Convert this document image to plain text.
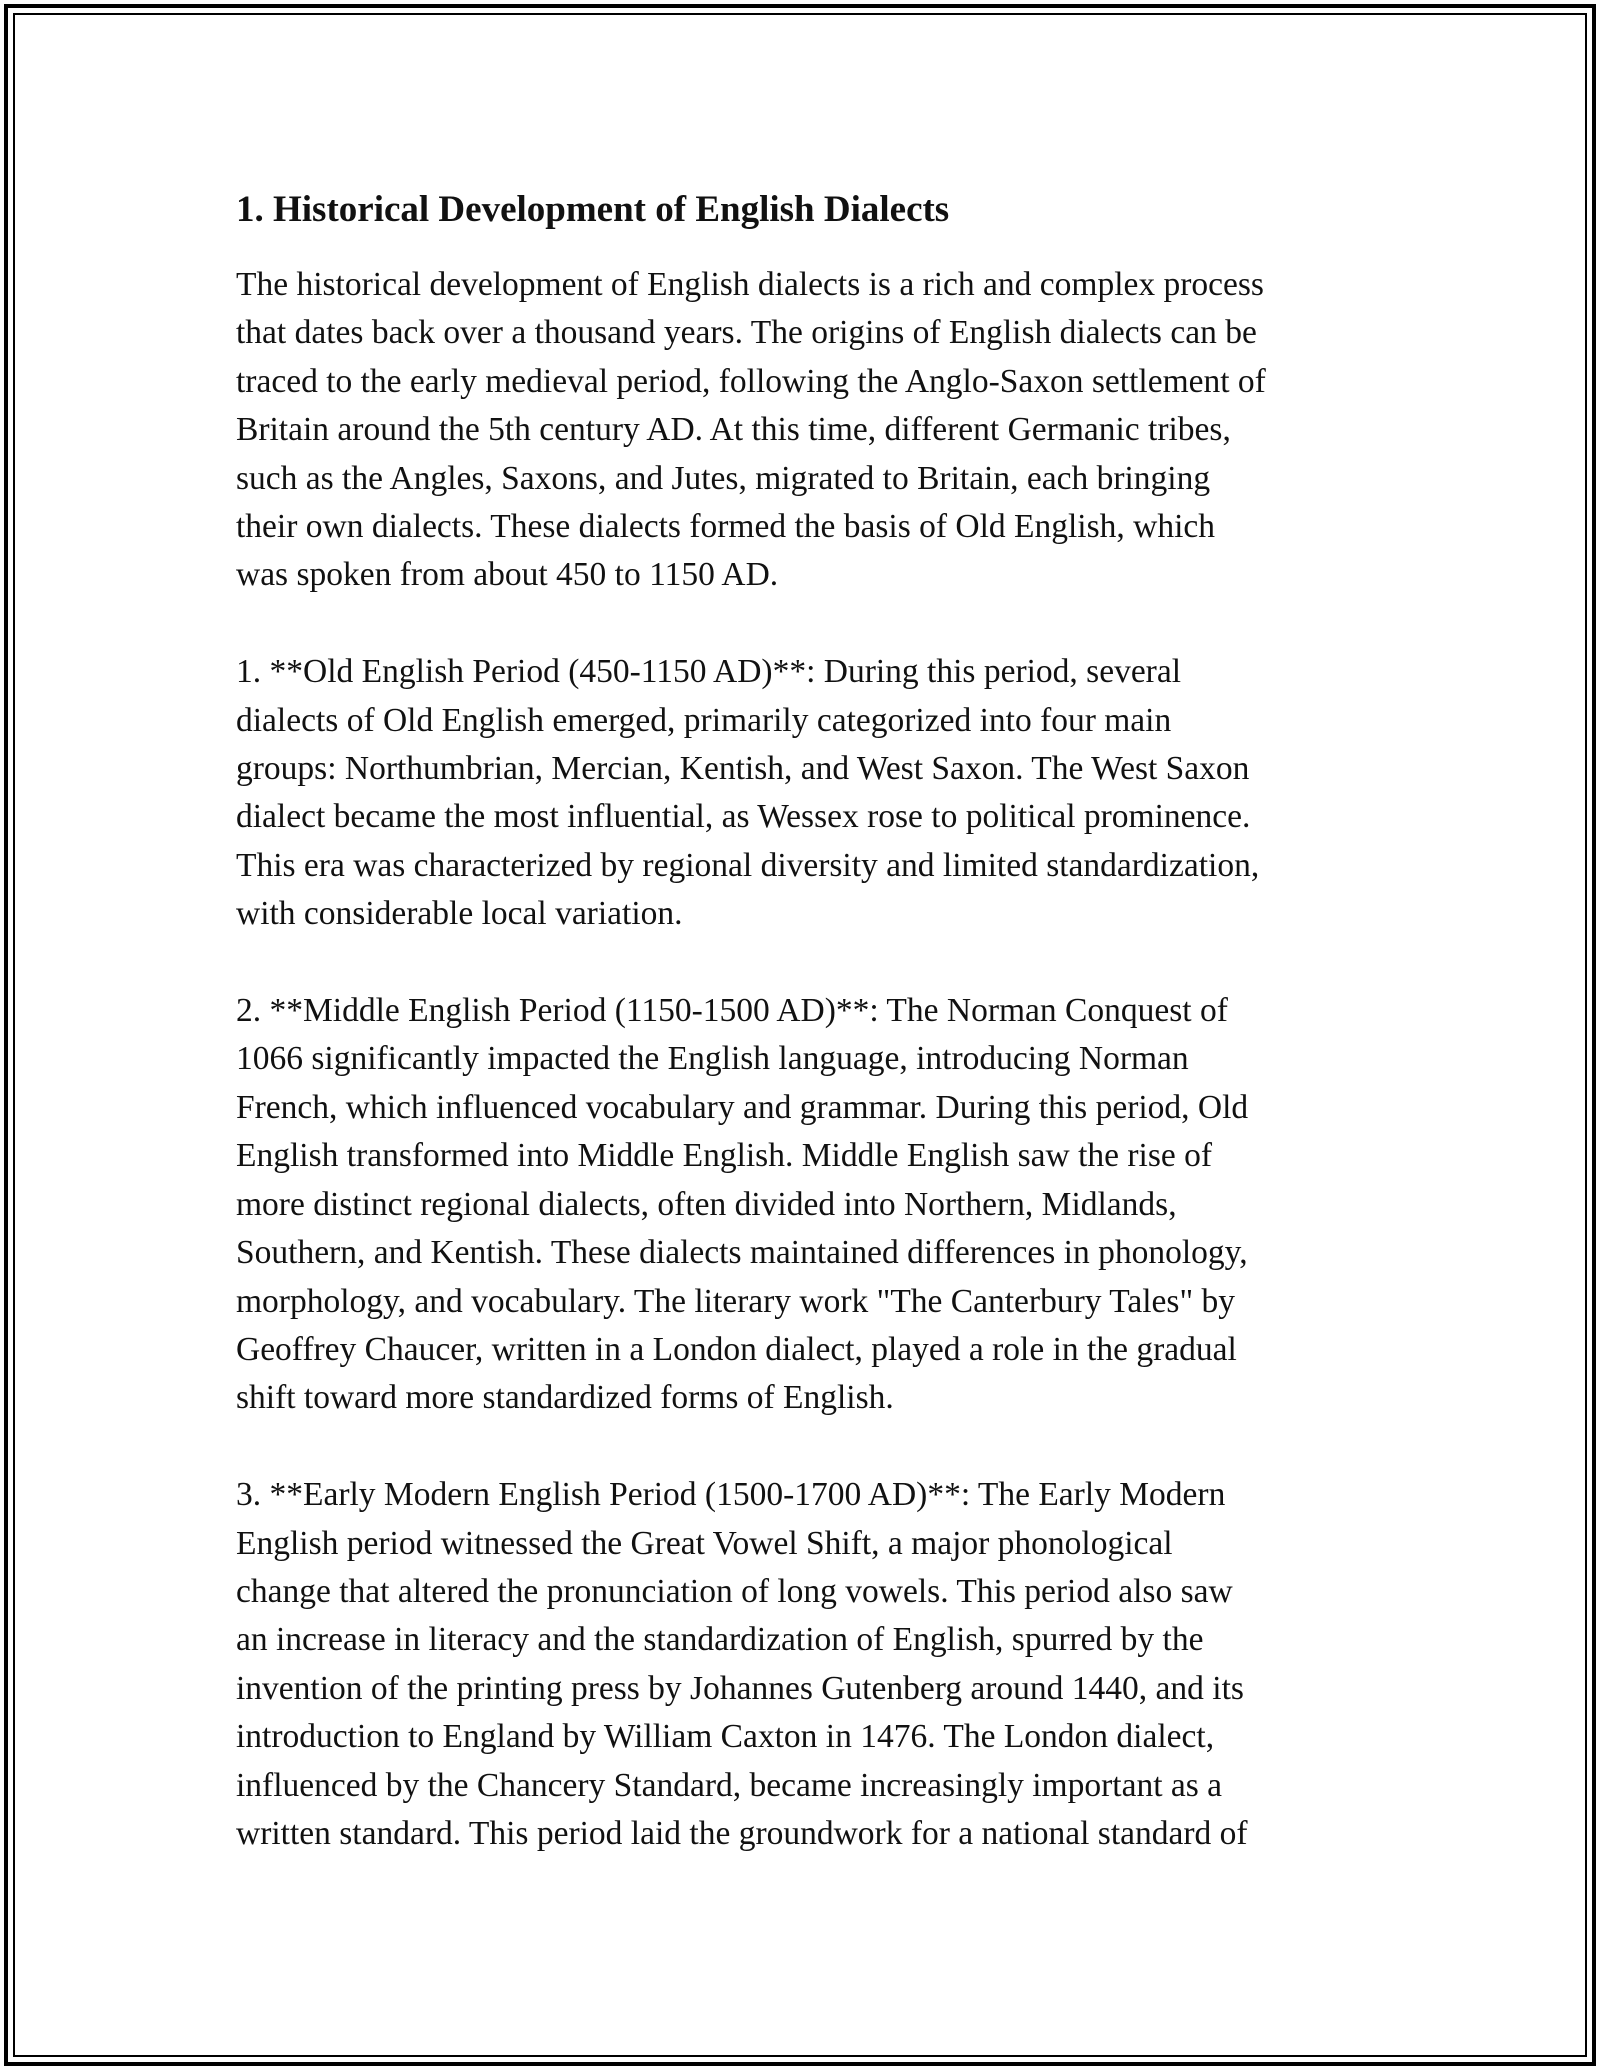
1. Historical Development of English Dialects

The historical development of English dialects is a rich and complex process
that dates back over a thousand years. The origins of English dialects can be
traced to the early medieval period, following the Anglo-Saxon settlement of
Britain around the 5th century AD. At this time, different Germanic tribes,
such as the Angles, Saxons, and Jutes, migrated to Britain, each bringing
their own dialects. These dialects formed the basis of Old English, which
was spoken from about 450 to 1150 AD.

1. **Old English Period (450-1150 AD)**: During this period, several
dialects of Old English emerged, primarily categorized into four main
groups: Northumbrian, Mercian, Kentish, and West Saxon. The West Saxon
dialect became the most influential, as Wessex rose to political prominence.
This era was characterized by regional diversity and limited standardization,
with considerable local variation.

2. **Middle English Period (1150-1500 AD)**: The Norman Conquest of
1066 significantly impacted the English language, introducing Norman
French, which influenced vocabulary and grammar. During this period, Old
English transformed into Middle English. Middle English saw the rise of
more distinct regional dialects, often divided into Northern, Midlands,
Southern, and Kentish. These dialects maintained differences in phonology,
morphology, and vocabulary. The literary work "The Canterbury Tales" by
Geoffrey Chaucer, written in a London dialect, played a role in the gradual
shift toward more standardized forms of English.

3. **Early Modern English Period (1500-1700 AD)**: The Early Modern
English period witnessed the Great Vowel Shift, a major phonological
change that altered the pronunciation of long vowels. This period also saw
an increase in literacy and the standardization of English, spurred by the
invention of the printing press by Johannes Gutenberg around 1440, and its
introduction to England by William Caxton in 1476. The London dialect,
influenced by the Chancery Standard, became increasingly important as a
written standard. This period laid the groundwork for a national standard of
